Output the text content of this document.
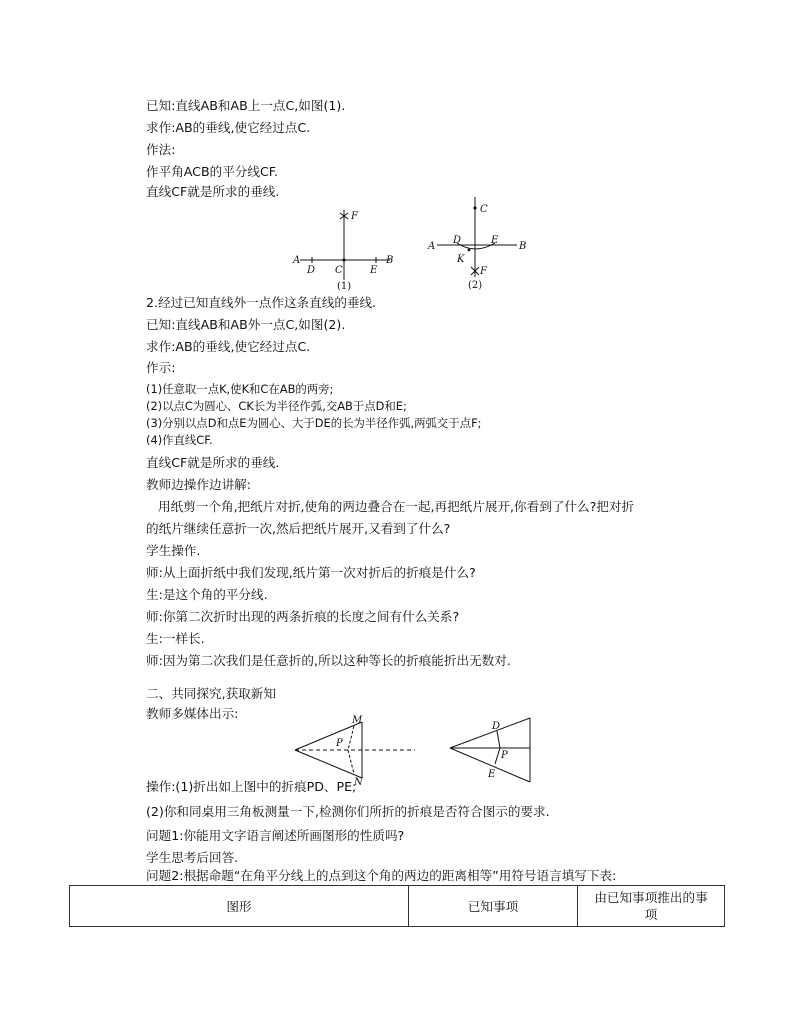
已知:直线AB和AB上一点C,如图(1).
求作:AB的垂线,使它经过点C.
作法:
作平角ACB的平分线CF.
直线CF就是所求的垂线.
A	B
C
D	E
F
(1)
A	B
C
D	E
K
F
(2)
2.经过已知直线外一点作这条直线的垂线.
已知:直线AB和AB外一点C,如图(2).
求作:AB的垂线,使它经过点C.
作示:
(1)任意取一点K,使K和C在AB的两旁;
(2)以点C为圆心、CK长为半径作弧,交AB于点D和E;
(3)分别以点D和点E为圆心、大于DE的长为半径作弧,两弧交于点F;
(4)作直线CF.
直线CF就是所求的垂线.
教师边操作边讲解:
用纸剪一个角,把纸片对折,使角的两边叠合在一起,再把纸片展开,你看到了什么?把对折
的纸片继续任意折一次,然后把纸片展开,又看到了什么?
学生操作.
师:从上面折纸中我们发现,纸片第一次对折后的折痕是什么?
生:是这个角的平分线.
师:你第二次折时出现的两条折痕的长度之间有什么关系?
生:一样长.
师:因为第二次我们是任意折的,所以这种等长的折痕能折出无数对.
二、共同探究,获取新知
教师多媒体出示:	M
P
N
D
P
E
操作:(1)折出如上图中的折痕PD、PE;
(2)你和同桌用三角板测量一下,检测你们所折的折痕是否符合图示的要求.
问题1:你能用文字语言阐述所画图形的性质吗?
学生思考后回答.
问题2:根据命题“在角平分线上的点到这个角的两边的距离相等”用符号语言填写下表:
图形	已知事项	由已知事项推出的事
项
